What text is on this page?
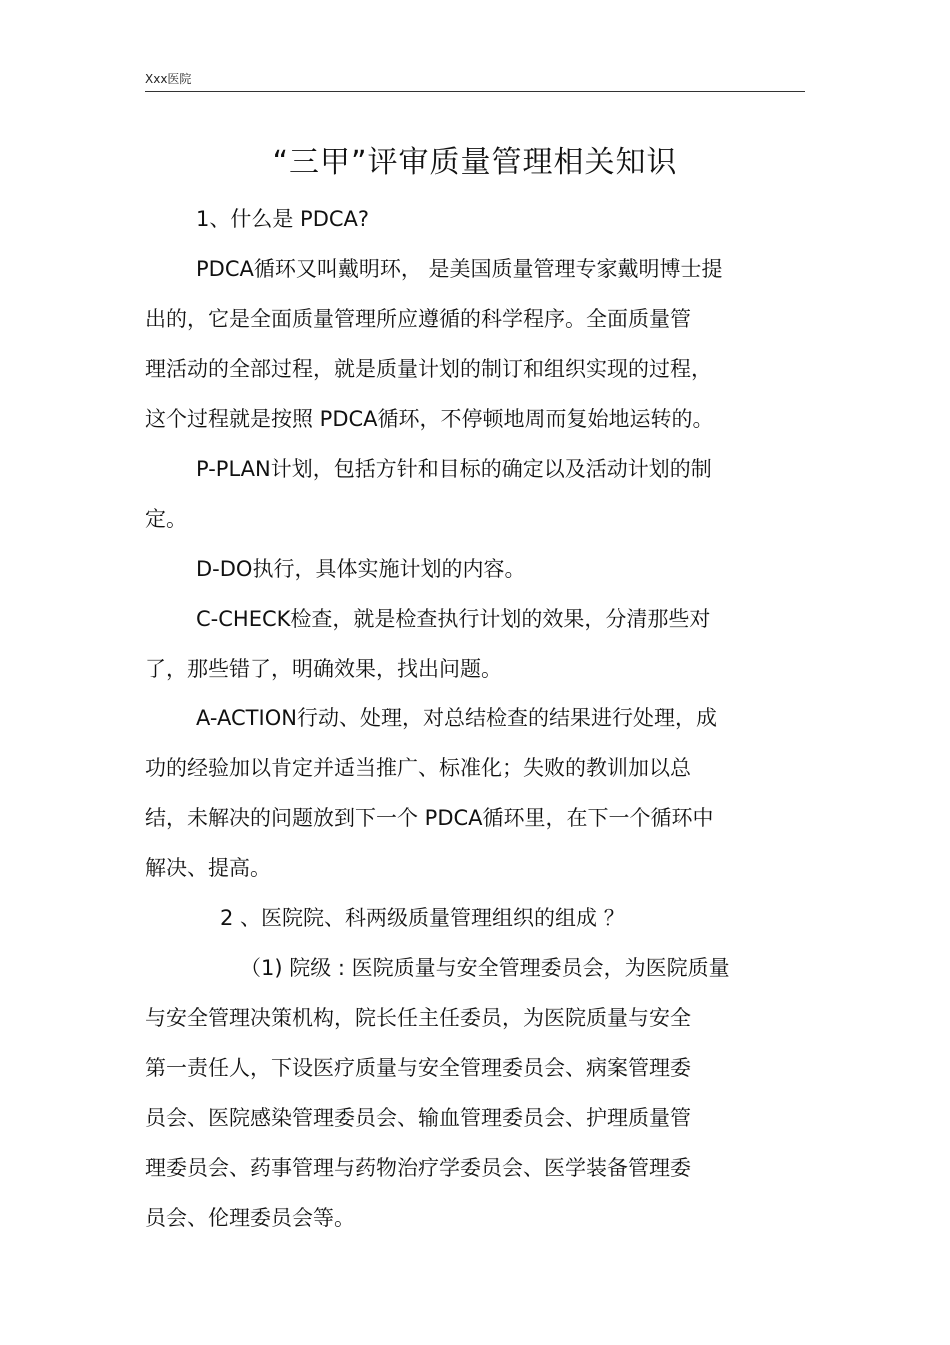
Xxx医院
“三甲”评审质量管理相关知识
1、什么是 PDCA?
PDCA循环又叫戴明环， 是美国质量管理专家戴明博士提
出的，它是全面质量管理所应遵循的科学程序。全面质量管
理活动的全部过程，就是质量计划的制订和组织实现的过程，
这个过程就是按照 PDCA循环，不停顿地周而复始地运转的。
P-PLAN计划，包括方针和目标的确定以及活动计划的制
定。
D-DO执行，具体实施计划的内容。
C-CHECK检查，就是检查执行计划的效果，分清那些对
了，那些错了，明确效果，找出问题。
A-ACTION行动、处理，对总结检查的结果进行处理，成
功的经验加以肯定并适当推广、标准化；失败的教训加以总
结，未解决的问题放到下一个 PDCA循环里，在下一个循环中
解决、提高。
2 、医院院、科两级质量管理组织的组成 ？
（1) 院级 : 医院质量与安全管理委员会，为医院质量
与安全管理决策机构，院长任主任委员，为医院质量与安全
第一责任人，下设医疗质量与安全管理委员会、病案管理委
员会、医院感染管理委员会、输血管理委员会、护理质量管
理委员会、药事管理与药物治疗学委员会、医学装备管理委
员会、伦理委员会等。
